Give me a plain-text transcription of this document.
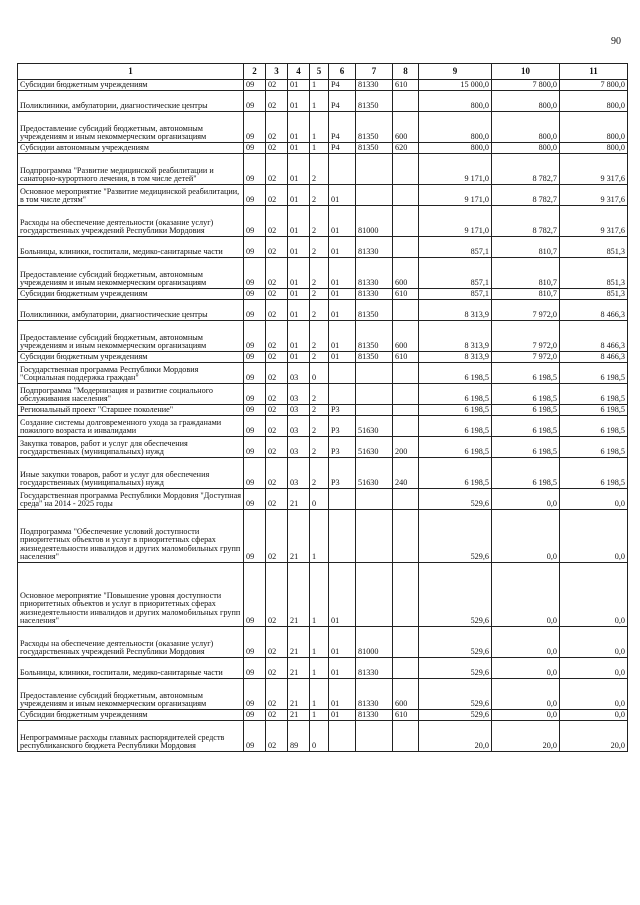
90
1	2	3	4	5	6	7	8	9	10	11
Субсидии бюджетным учреждениям	09	02	01	1	Р4	81330	610	15 000,0	7 800,0	7 800,0
Поликлиники, амбулатории, диагностические центры	09	02	01	1	Р4	81350		800,0	800,0	800,0
Предоставление субсидий бюджетным, автономным учреждениям и иным некоммерческим организациям	09	02	01	1	Р4	81350	600	800,0	800,0	800,0
Субсидии автономным учреждениям	09	02	01	1	Р4	81350	620	800,0	800,0	800,0
Подпрограмма "Развитие медицинской реабилитации и санаторно-курортного лечения, в том числе детей"	09	02	01	2				9 171,0	8 782,7	9 317,6
Основное мероприятие "Развитие медицинской реабилитации, в том числе детям"	09	02	01	2	01			9 171,0	8 782,7	9 317,6
Расходы на обеспечение деятельности (оказание услуг) государственных учреждений Республики Мордовия	09	02	01	2	01	81000		9 171,0	8 782,7	9 317,6
Больницы, клиники, госпитали, медико-санитарные части	09	02	01	2	01	81330		857,1	810,7	851,3
Предоставление субсидий бюджетным, автономным учреждениям и иным некоммерческим организациям	09	02	01	2	01	81330	600	857,1	810,7	851,3
Субсидии бюджетным учреждениям	09	02	01	2	01	81330	610	857,1	810,7	851,3
Поликлиники, амбулатории, диагностические центры	09	02	01	2	01	81350		8 313,9	7 972,0	8 466,3
Предоставление субсидий бюджетным, автономным учреждениям и иным некоммерческим организациям	09	02	01	2	01	81350	600	8 313,9	7 972,0	8 466,3
Субсидии бюджетным учреждениям	09	02	01	2	01	81350	610	8 313,9	7 972,0	8 466,3
Государственная программа Республики Мордовия "Социальная поддержка граждан"	09	02	03	0				6 198,5	6 198,5	6 198,5
Подпрограмма "Модернизация и развитие социального обслуживания населения"	09	02	03	2				6 198,5	6 198,5	6 198,5
Региональный проект "Старшее поколение"	09	02	03	2	Р3			6 198,5	6 198,5	6 198,5
Создание системы долговременного ухода за гражданами пожилого возраста и инвалидами	09	02	03	2	Р3	51630		6 198,5	6 198,5	6 198,5
Закупка товаров, работ и услуг для обеспечения государственных (муниципальных) нужд	09	02	03	2	Р3	51630	200	6 198,5	6 198,5	6 198,5
Иные закупки товаров, работ и услуг для обеспечения государственных (муниципальных) нужд	09	02	03	2	Р3	51630	240	6 198,5	6 198,5	6 198,5
Государственная программа Республики Мордовия "Доступная среда" на 2014 - 2025 годы	09	02	21	0				529,6	0,0	0,0
Подпрограмма "Обеспечение условий доступности приоритетных объектов и услуг в приоритетных сферах жизнедеятельности инвалидов и других маломобильных групп населения"	09	02	21	1				529,6	0,0	0,0
Основное мероприятие "Повышение уровня доступности приоритетных объектов и услуг в приоритетных сферах жизнедеятельности инвалидов и других маломобильных групп населения"	09	02	21	1	01			529,6	0,0	0,0
Расходы на обеспечение деятельности (оказание услуг) государственных учреждений Республики Мордовия	09	02	21	1	01	81000		529,6	0,0	0,0
Больницы, клиники, госпитали, медико-санитарные части	09	02	21	1	01	81330		529,6	0,0	0,0
Предоставление субсидий бюджетным, автономным учреждениям и иным некоммерческим организациям	09	02	21	1	01	81330	600	529,6	0,0	0,0
Субсидии бюджетным учреждениям	09	02	21	1	01	81330	610	529,6	0,0	0,0
Непрограммные расходы главных распорядителей средств республиканского бюджета Республики Мордовия	09	02	89	0				20,0	20,0	20,0
